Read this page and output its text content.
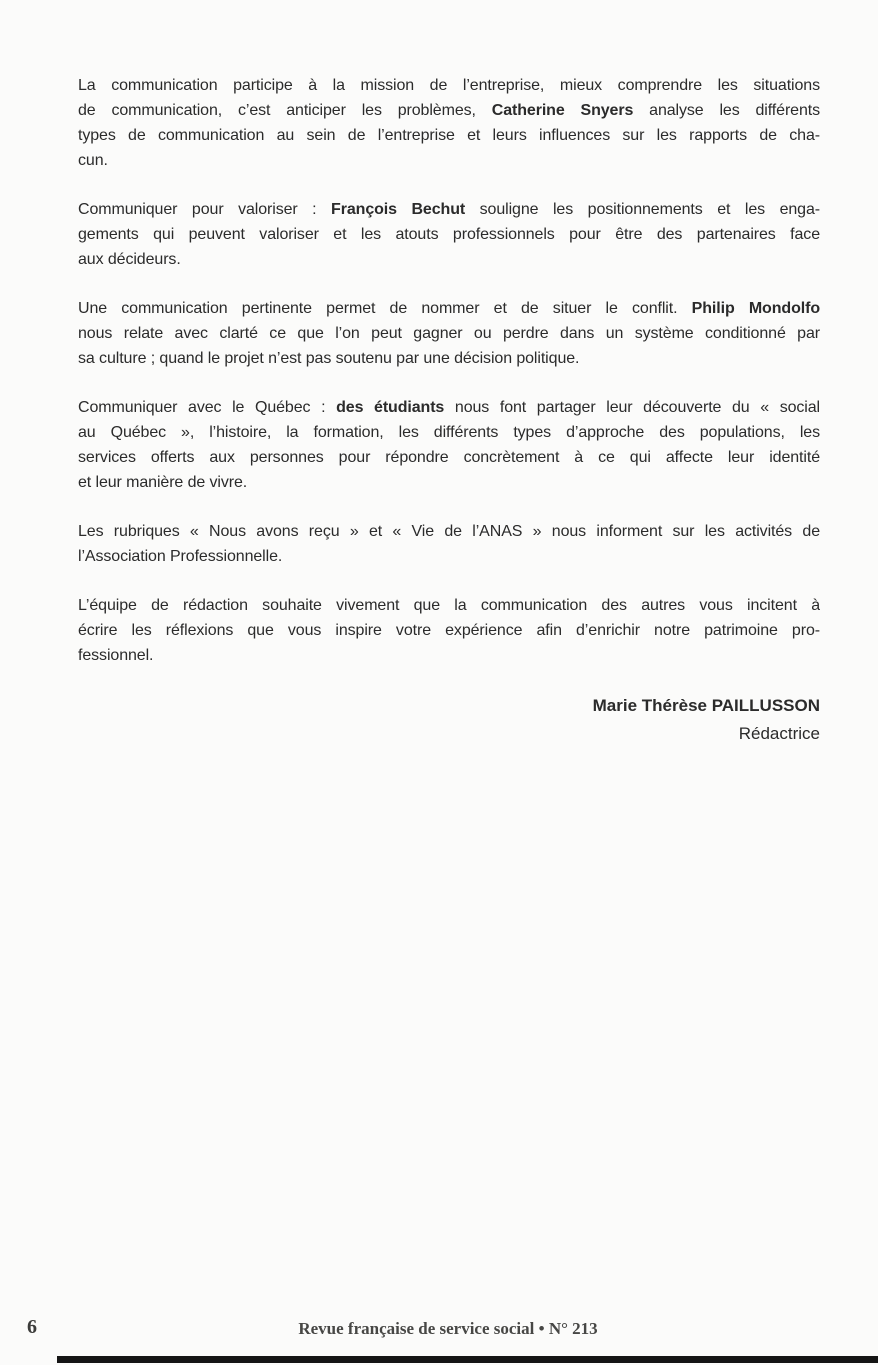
La communication participe à la mission de l’entreprise, mieux comprendre les situations
de communication, c’est anticiper les problèmes, Catherine Snyers analyse les différents
types de communication au sein de l’entreprise et leurs influences sur les rapports de cha-
cun.
Communiquer pour valoriser : François Bechut souligne les positionnements et les enga-
gements qui peuvent valoriser et les atouts professionnels pour être des partenaires face
aux décideurs.
Une communication pertinente permet de nommer et de situer le conflit. Philip Mondolfo
nous relate avec clarté ce que l’on peut gagner ou perdre dans un système conditionné par
sa culture ; quand le projet n’est pas soutenu par une décision politique.
Communiquer avec le Québec : des étudiants nous font partager leur découverte du « social
au Québec », l’histoire, la formation, les différents types d’approche des populations, les
services offerts aux personnes pour répondre concrètement à ce qui affecte leur identité
et leur manière de vivre.
Les rubriques « Nous avons reçu » et « Vie de l’ANAS » nous informent sur les activités de
l’Association Professionnelle.
L’équipe de rédaction souhaite vivement que la communication des autres vous incitent à
écrire les réflexions que vous inspire votre expérience afin d’enrichir notre patrimoine pro-
fessionnel.
Marie Thérèse PAILLUSSON
Rédactrice
6	Revue française de service social • N° 213
